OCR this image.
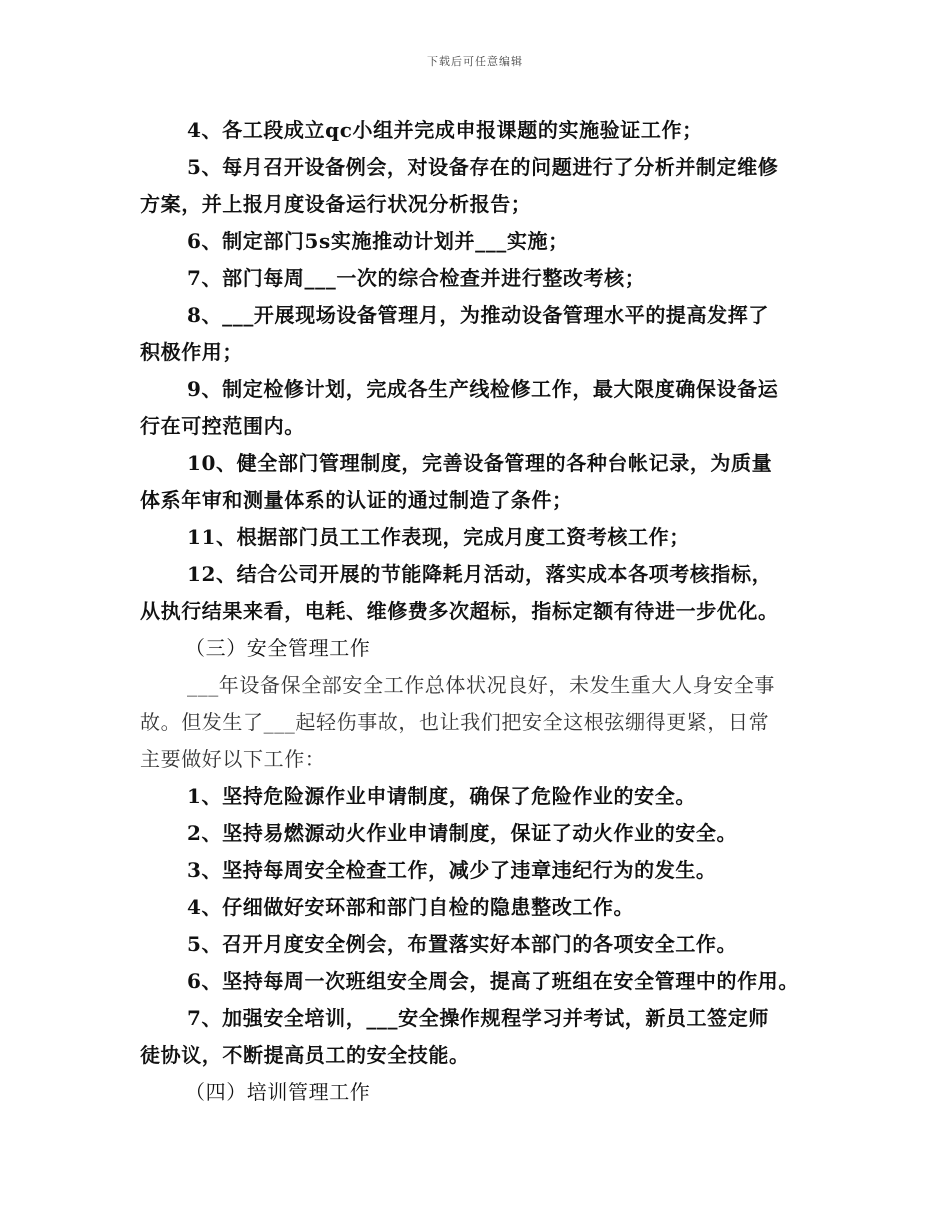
下载后可任意编辑

4、各工段成立qc小组并完成申报课题的实施验证工作；

5、每月召开设备例会，对设备存在的问题进行了分析并制定维修

方案，并上报月度设备运行状况分析报告；

6、制定部门5s实施推动计划并___实施；

7、部门每周___一次的综合检查并进行整改考核；

8、___开展现场设备管理月，为推动设备管理水平的提高发挥了

积极作用；

9、制定检修计划，完成各生产线检修工作，最大限度确保设备运

行在可控范围内。

10、健全部门管理制度，完善设备管理的各种台帐记录，为质量

体系年审和测量体系的认证的通过制造了条件；

11、根据部门员工工作表现，完成月度工资考核工作；

12、结合公司开展的节能降耗月活动，落实成本各项考核指标，

从执行结果来看，电耗、维修费多次超标，指标定额有待进一步优化。

（三）安全管理工作

___年设备保全部安全工作总体状况良好，未发生重大人身安全事

故。但发生了___起轻伤事故，也让我们把安全这根弦绷得更紧，日常

主要做好以下工作：

1、坚持危险源作业申请制度，确保了危险作业的安全。

2、坚持易燃源动火作业申请制度，保证了动火作业的安全。

3、坚持每周安全检查工作，减少了违章违纪行为的发生。

4、仔细做好安环部和部门自检的隐患整改工作。

5、召开月度安全例会，布置落实好本部门的各项安全工作。

6、坚持每周一次班组安全周会，提高了班组在安全管理中的作用。

7、加强安全培训，___安全操作规程学习并考试，新员工签定师

徒协议，不断提高员工的安全技能。

（四）培训管理工作
